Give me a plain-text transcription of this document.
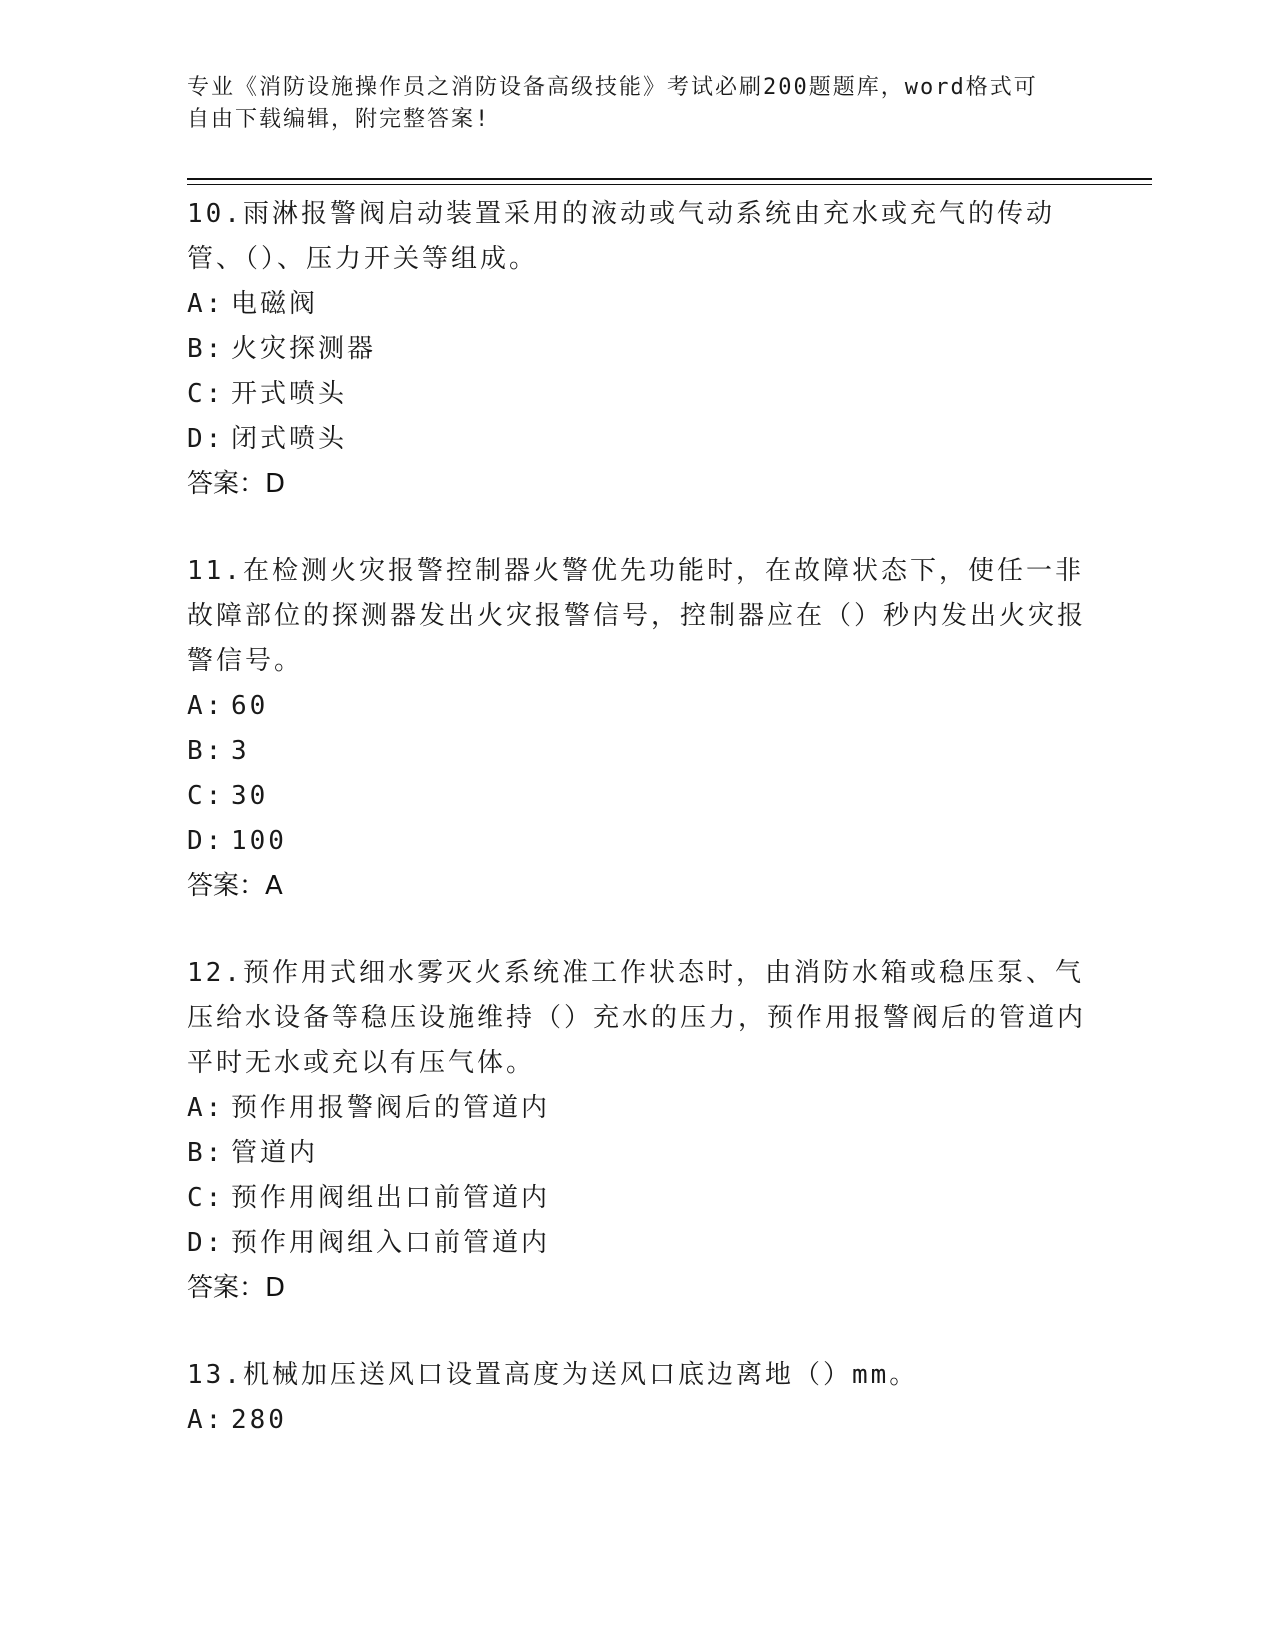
专业《消防设施操作员之消防设备高级技能》考试必刷200题题库，word格式可
自由下载编辑，附完整答案!

10.雨淋报警阀启动装置采用的液动或气动系统由充水或充气的传动管、（）、压力开关等组成。

A: 电磁阀

B: 火灾探测器

C: 开式喷头

D: 闭式喷头

答案：D

11.在检测火灾报警控制器火警优先功能时，在故障状态下，使任一非故障部位的探测器发出火灾报警信号，控制器应在（）秒内发出火灾报警信号。

A: 60

B: 3

C: 30

D: 100

答案：A

12.预作用式细水雾灭火系统准工作状态时，由消防水箱或稳压泵、气压给水设备等稳压设施维持（）充水的压力，预作用报警阀后的管道内平时无水或充以有压气体。

A: 预作用报警阀后的管道内

B: 管道内

C: 预作用阀组出口前管道内

D: 预作用阀组入口前管道内

答案：D

13.机械加压送风口设置高度为送风口底边离地（）mm。

A: 280
